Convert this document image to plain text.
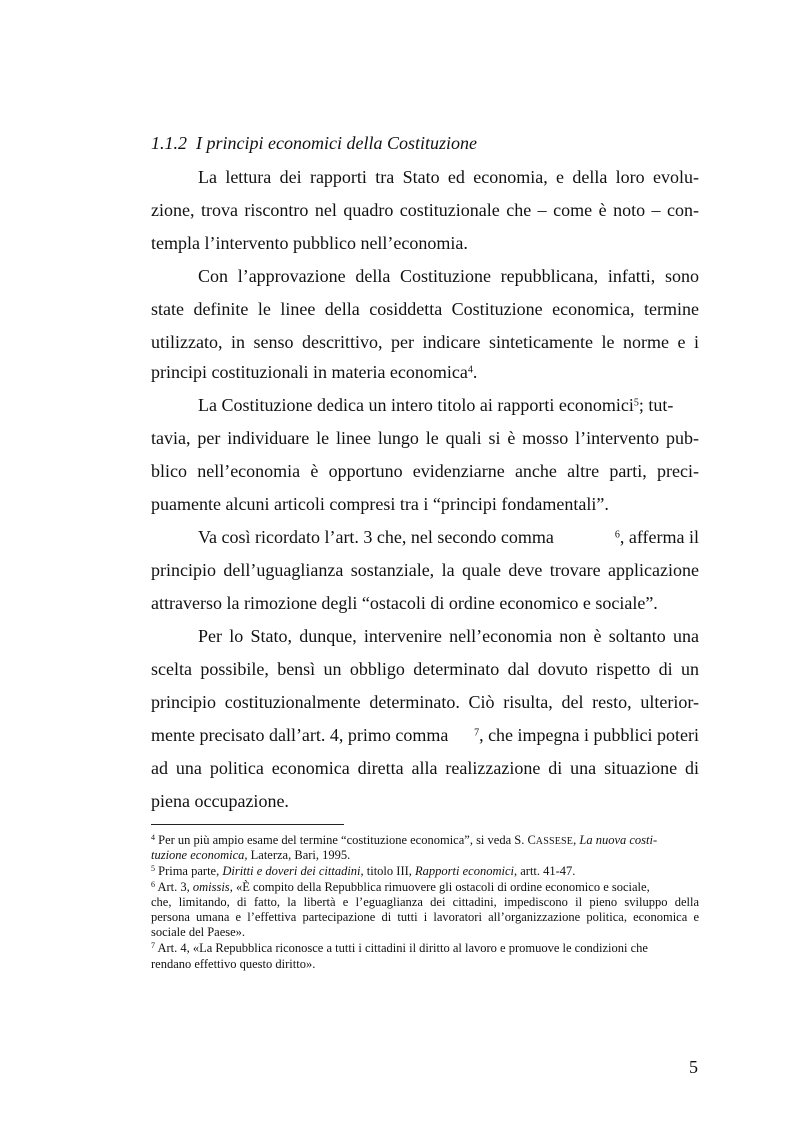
1.1.2 I principi economici della Costituzione
La lettura dei rapporti tra Stato ed economia, e della loro evolu-
zione, trova riscontro nel quadro costituzionale che – come è noto – con-
templa l’intervento pubblico nell’economia.
Con l’approvazione della Costituzione repubblicana, infatti, sono
state definite le linee della cosiddetta Costituzione economica, termine
utilizzato, in senso descrittivo, per indicare sinteticamente le norme e i
principi costituzionali in materia economica$^4$.
La Costituzione dedica un intero titolo ai rapporti economici$^5$; tut-
tavia, per individuare le linee lungo le quali si è mosso l’intervento pub-
blico nell’economia è opportuno evidenziarne anche altre parti, preci-
puamente alcuni articoli compresi tra i “principi fondamentali”.
Va così ricordato l’art. 3 che, nel secondo comma	$^6$, afferma il
principio dell’uguaglianza sostanziale, la quale deve trovare applicazione
attraverso la rimozione degli “ostacoli di ordine economico e sociale”.
Per lo Stato, dunque, intervenire nell’economia non è soltanto una
scelta possibile, bensì un obbligo determinato dal dovuto rispetto di un
principio costituzionalmente determinato. Ciò risulta, del resto, ulterior-
mente precisato dall’art. 4, primo comma	$^7$, che impegna i pubblici poteri
ad una politica economica diretta alla realizzazione di una situazione di
piena occupazione.
$^4$ Per un più ampio esame del termine “costituzione economica”, si veda S. CASSESE, La nuova costi-
tuzione economica, Laterza, Bari, 1995.
$^5$ Prima parte, Diritti e doveri dei cittadini, titolo III, Rapporti economici, artt. 41-47.
$^6$ Art. 3, omissis, «È compito della Repubblica rimuovere gli ostacoli di ordine economico e sociale,
che, limitando, di fatto, la libertà e l’eguaglianza dei cittadini, impediscono il pieno sviluppo della
persona umana e l’effettiva partecipazione di tutti i lavoratori all’organizzazione politica, economica e
sociale del Paese».
$^7$ Art. 4, «La Repubblica riconosce a tutti i cittadini il diritto al lavoro e promuove le condizioni che
rendano effettivo questo diritto».
5
